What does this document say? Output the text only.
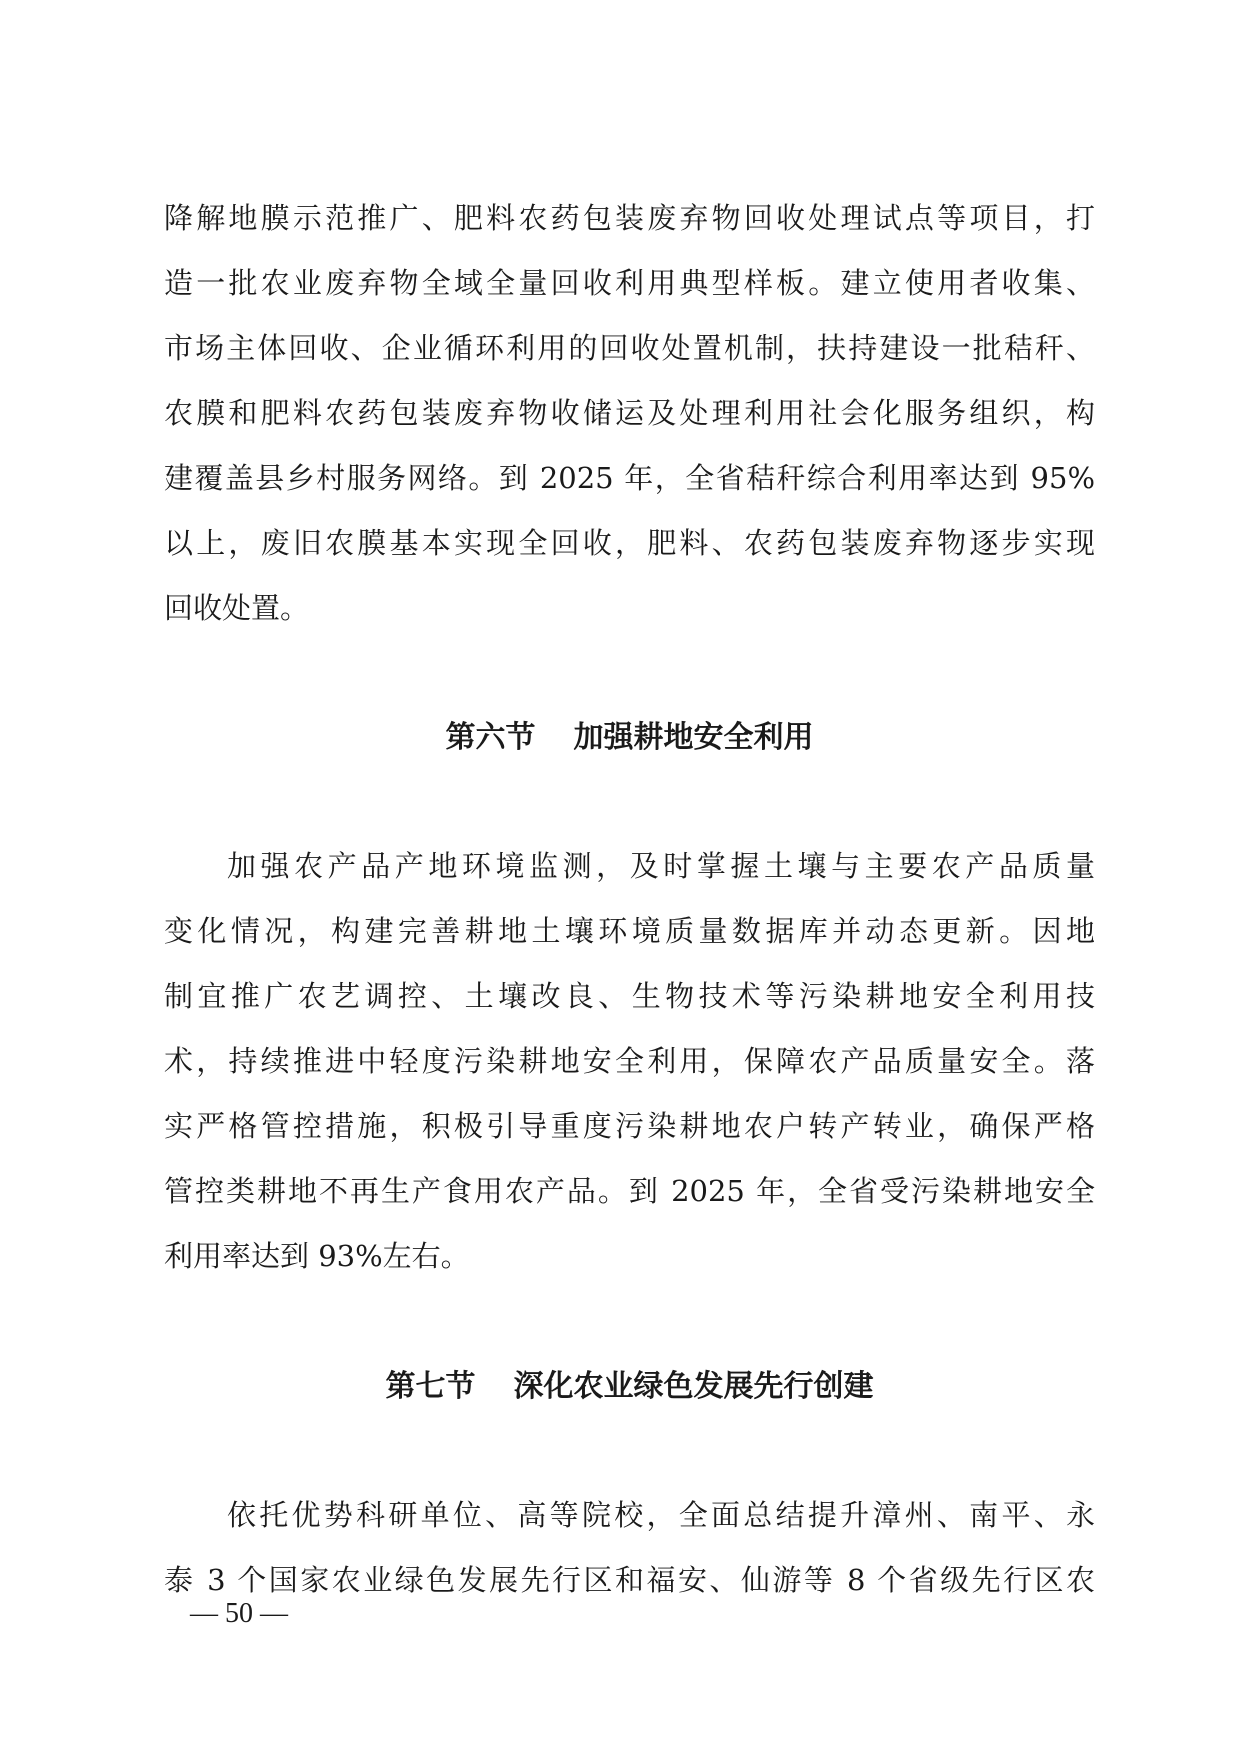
降解地膜示范推广、肥料农药包装废弃物回收处理试点等项目，打
造一批农业废弃物全域全量回收利用典型样板。建立使用者收集、
市场主体回收、企业循环利用的回收处置机制，扶持建设一批秸秆、
农膜和肥料农药包装废弃物收储运及处理利用社会化服务组织，构
建覆盖县乡村服务网络。到 2025 年，全省秸秆综合利用率达到 95%
以上，废旧农膜基本实现全回收，肥料、农药包装废弃物逐步实现
回收处置。
第六节 加强耕地安全利用
加强农产品产地环境监测，及时掌握土壤与主要农产品质量
变化情况，构建完善耕地土壤环境质量数据库并动态更新。因地
制宜推广农艺调控、土壤改良、生物技术等污染耕地安全利用技
术，持续推进中轻度污染耕地安全利用，保障农产品质量安全。落
实严格管控措施，积极引导重度污染耕地农户转产转业，确保严格
管控类耕地不再生产食用农产品。到 2025 年，全省受污染耕地安全
利用率达到 93%左右。
第七节 深化农业绿色发展先行创建
依托优势科研单位、高等院校，全面总结提升漳州、南平、永
泰 3 个国家农业绿色发展先行区和福安、仙游等 8 个省级先行区农
— 50 —
